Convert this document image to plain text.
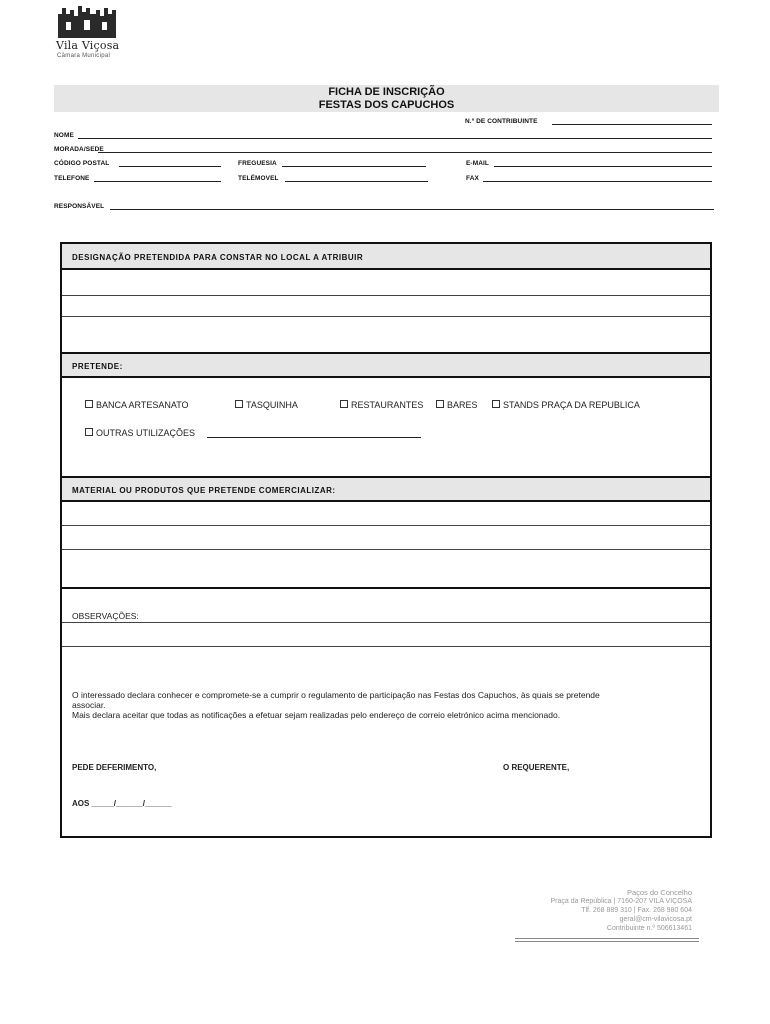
Vila Viçosa
Câmara Municipal
FICHA DE INSCRIÇÃO
FESTAS DOS CAPUCHOS
N.º DE CONTRIBUINTE
NOME
MORADA/SEDE
CÓDIGO POSTAL	FREGUESIA	E-MAIL
TELEFONE	TELÉMOVEL	FAX
RESPONSÁVEL
DESIGNAÇÃO PRETENDIDA PARA CONSTAR NO LOCAL A ATRIBUIR
PRETENDE:
BANCA ARTESANATO	TASQUINHA	RESTAURANTES	BARES	STANDS PRAÇA DA REPUBLICA
OUTRAS UTILIZAÇÕES
MATERIAL OU PRODUTOS QUE PRETENDE COMERCIALIZAR:
OBSERVAÇÕES:
O interessado declara conhecer e compromete-se a cumprir o regulamento de participação nas Festas dos Capuchos, às quais se pretende
associar.
Mais declara aceitar que todas as notificações a efetuar sejam realizadas pelo endereço de correio eletrónico acima mencionado.
PEDE DEFERIMENTO,	O REQUERENTE,
AOS _____/______/______
Paços do Concelho
Praça da República | 7160-207 VILA VIÇOSA
Tlf. 268 889 310 | Fax. 268 980 604
geral@cm-vilavicosa.pt
Contribuinte n.º 506613461
